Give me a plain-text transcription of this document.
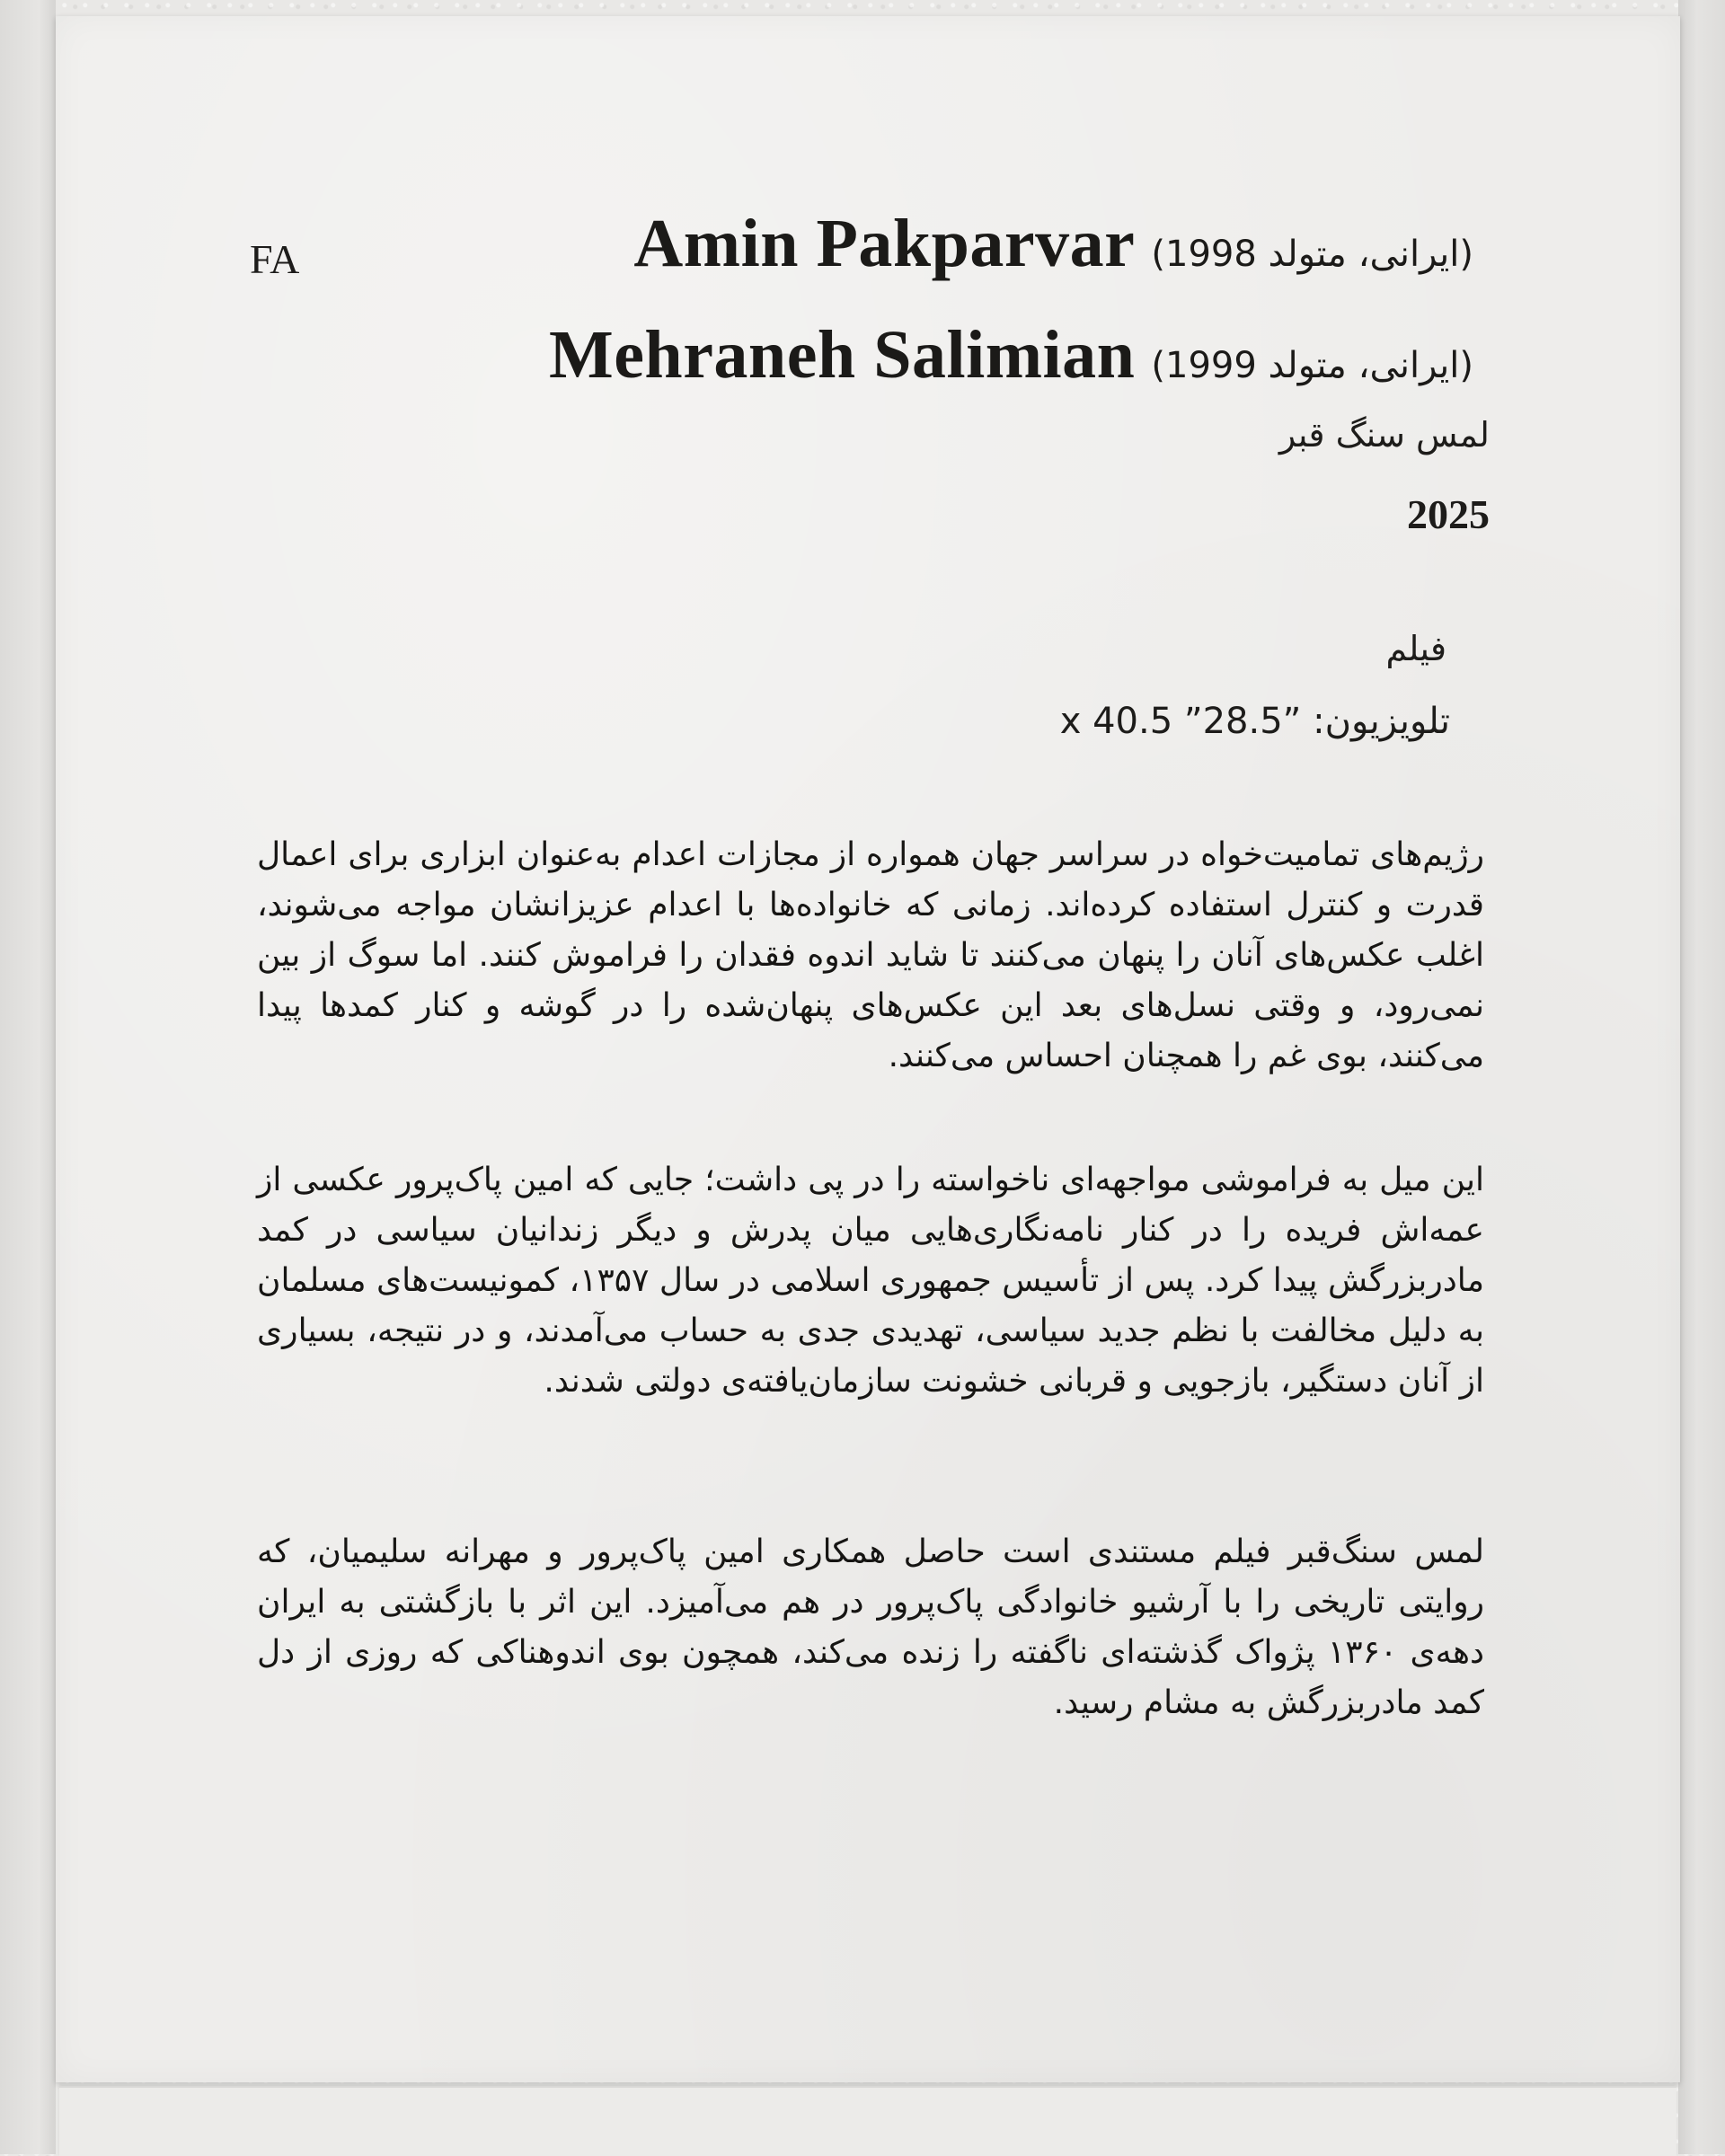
FA	Amin Pakparvar (ایرانی، متولد 1998)
Mehraneh Salimian (ایرانی، متولد 1999)
لمس سنگ قبر
2025
فیلم
تلویزیون: ”28.5” x 40.5
رژیم‌های تمامیت‌خواه در سراسر جهان همواره از مجازات اعدام به‌عنوان ابزاری برای اعمال قدرت و کنترل استفاده کرده‌اند. زمانی که خانواده‌ها با اعدام عزیزانشان مواجه می‌شوند، اغلب عکس‌های آنان را پنهان می‌کنند تا شاید اندوه فقدان را فراموش کنند. اما سوگ از بین نمی‌رود، و وقتی نسل‌های بعد این عکس‌های پنهان‌شده را در گوشه و کنار کمدها پیدا می‌کنند، بوی غم را همچنان احساس می‌کنند.
این میل به فراموشی مواجهه‌ای ناخواسته را در پی داشت؛ جایی که امین پاک‌پرور عکسی از عمه‌اش فریده را در کنار نامه‌نگاری‌هایی میان پدرش و دیگر زندانیان سیاسی در کمد مادربزرگش پیدا کرد. پس از تأسیس جمهوری اسلامی در سال ۱۳۵۷، کمونیست‌های مسلمان به دلیل مخالفت با نظم جدید سیاسی، تهدیدی جدی به حساب می‌آمدند، و در نتیجه، بسیاری از آنان دستگیر، بازجویی و قربانی خشونت سازمان‌یافته‌ی دولتی شدند.
لمس سنگ‌قبر فیلم مستندی است حاصل همکاری امین پاک‌پرور و مهرانه سلیمیان، که روایتی تاریخی را با آرشیو خانوادگی پاک‌پرور در هم می‌آمیزد. این اثر با بازگشتی به ایران دهه‌ی ۱۳۶۰ پژواک گذشته‌ای ناگفته را زنده می‌کند، همچون بوی اندوهناکی که روزی از دل کمد مادربزرگش به مشام رسید.
